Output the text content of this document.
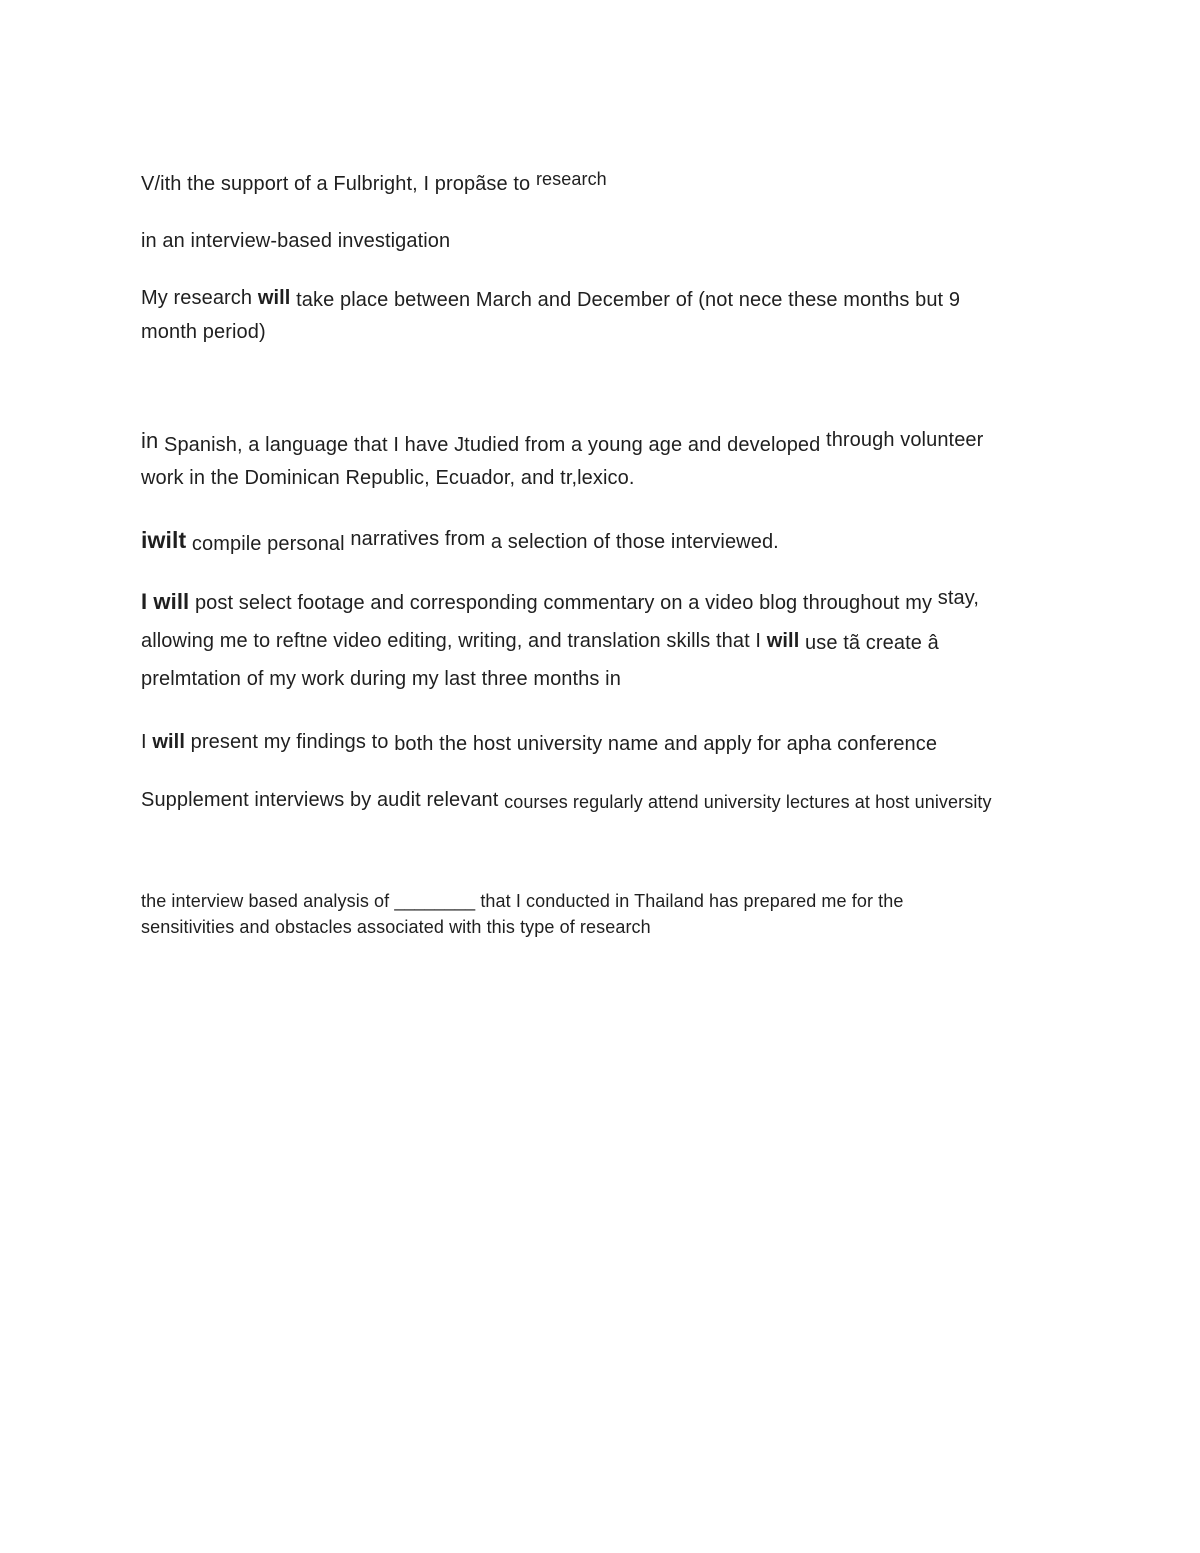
V/ith the support of a Fulbright, I propãse to research
in an interview-based investigation
My research will take place between March and December of (not nece these months but 9
month period)
in Spanish, a language that I have Jtudied from a young age and developed through volunteer
work in the Dominican Republic, Ecuador, and tr,lexico.
iwilt compile personal narratives from a selection of those interviewed.
I will post select footage and corresponding commentary on a video blog throughout my stay,
allowing me to reftne video editing, writing, and translation skills that I will use tã create â
prelmtation of my work during my last three months in
I will present my findings to both the host university name and apply for apha conference
Supplement interviews by audit relevant courses regularly attend university lectures at host university
the interview based analysis of ________ that I conducted in Thailand has prepared me for the
sensitivities and obstacles associated with this type of research
